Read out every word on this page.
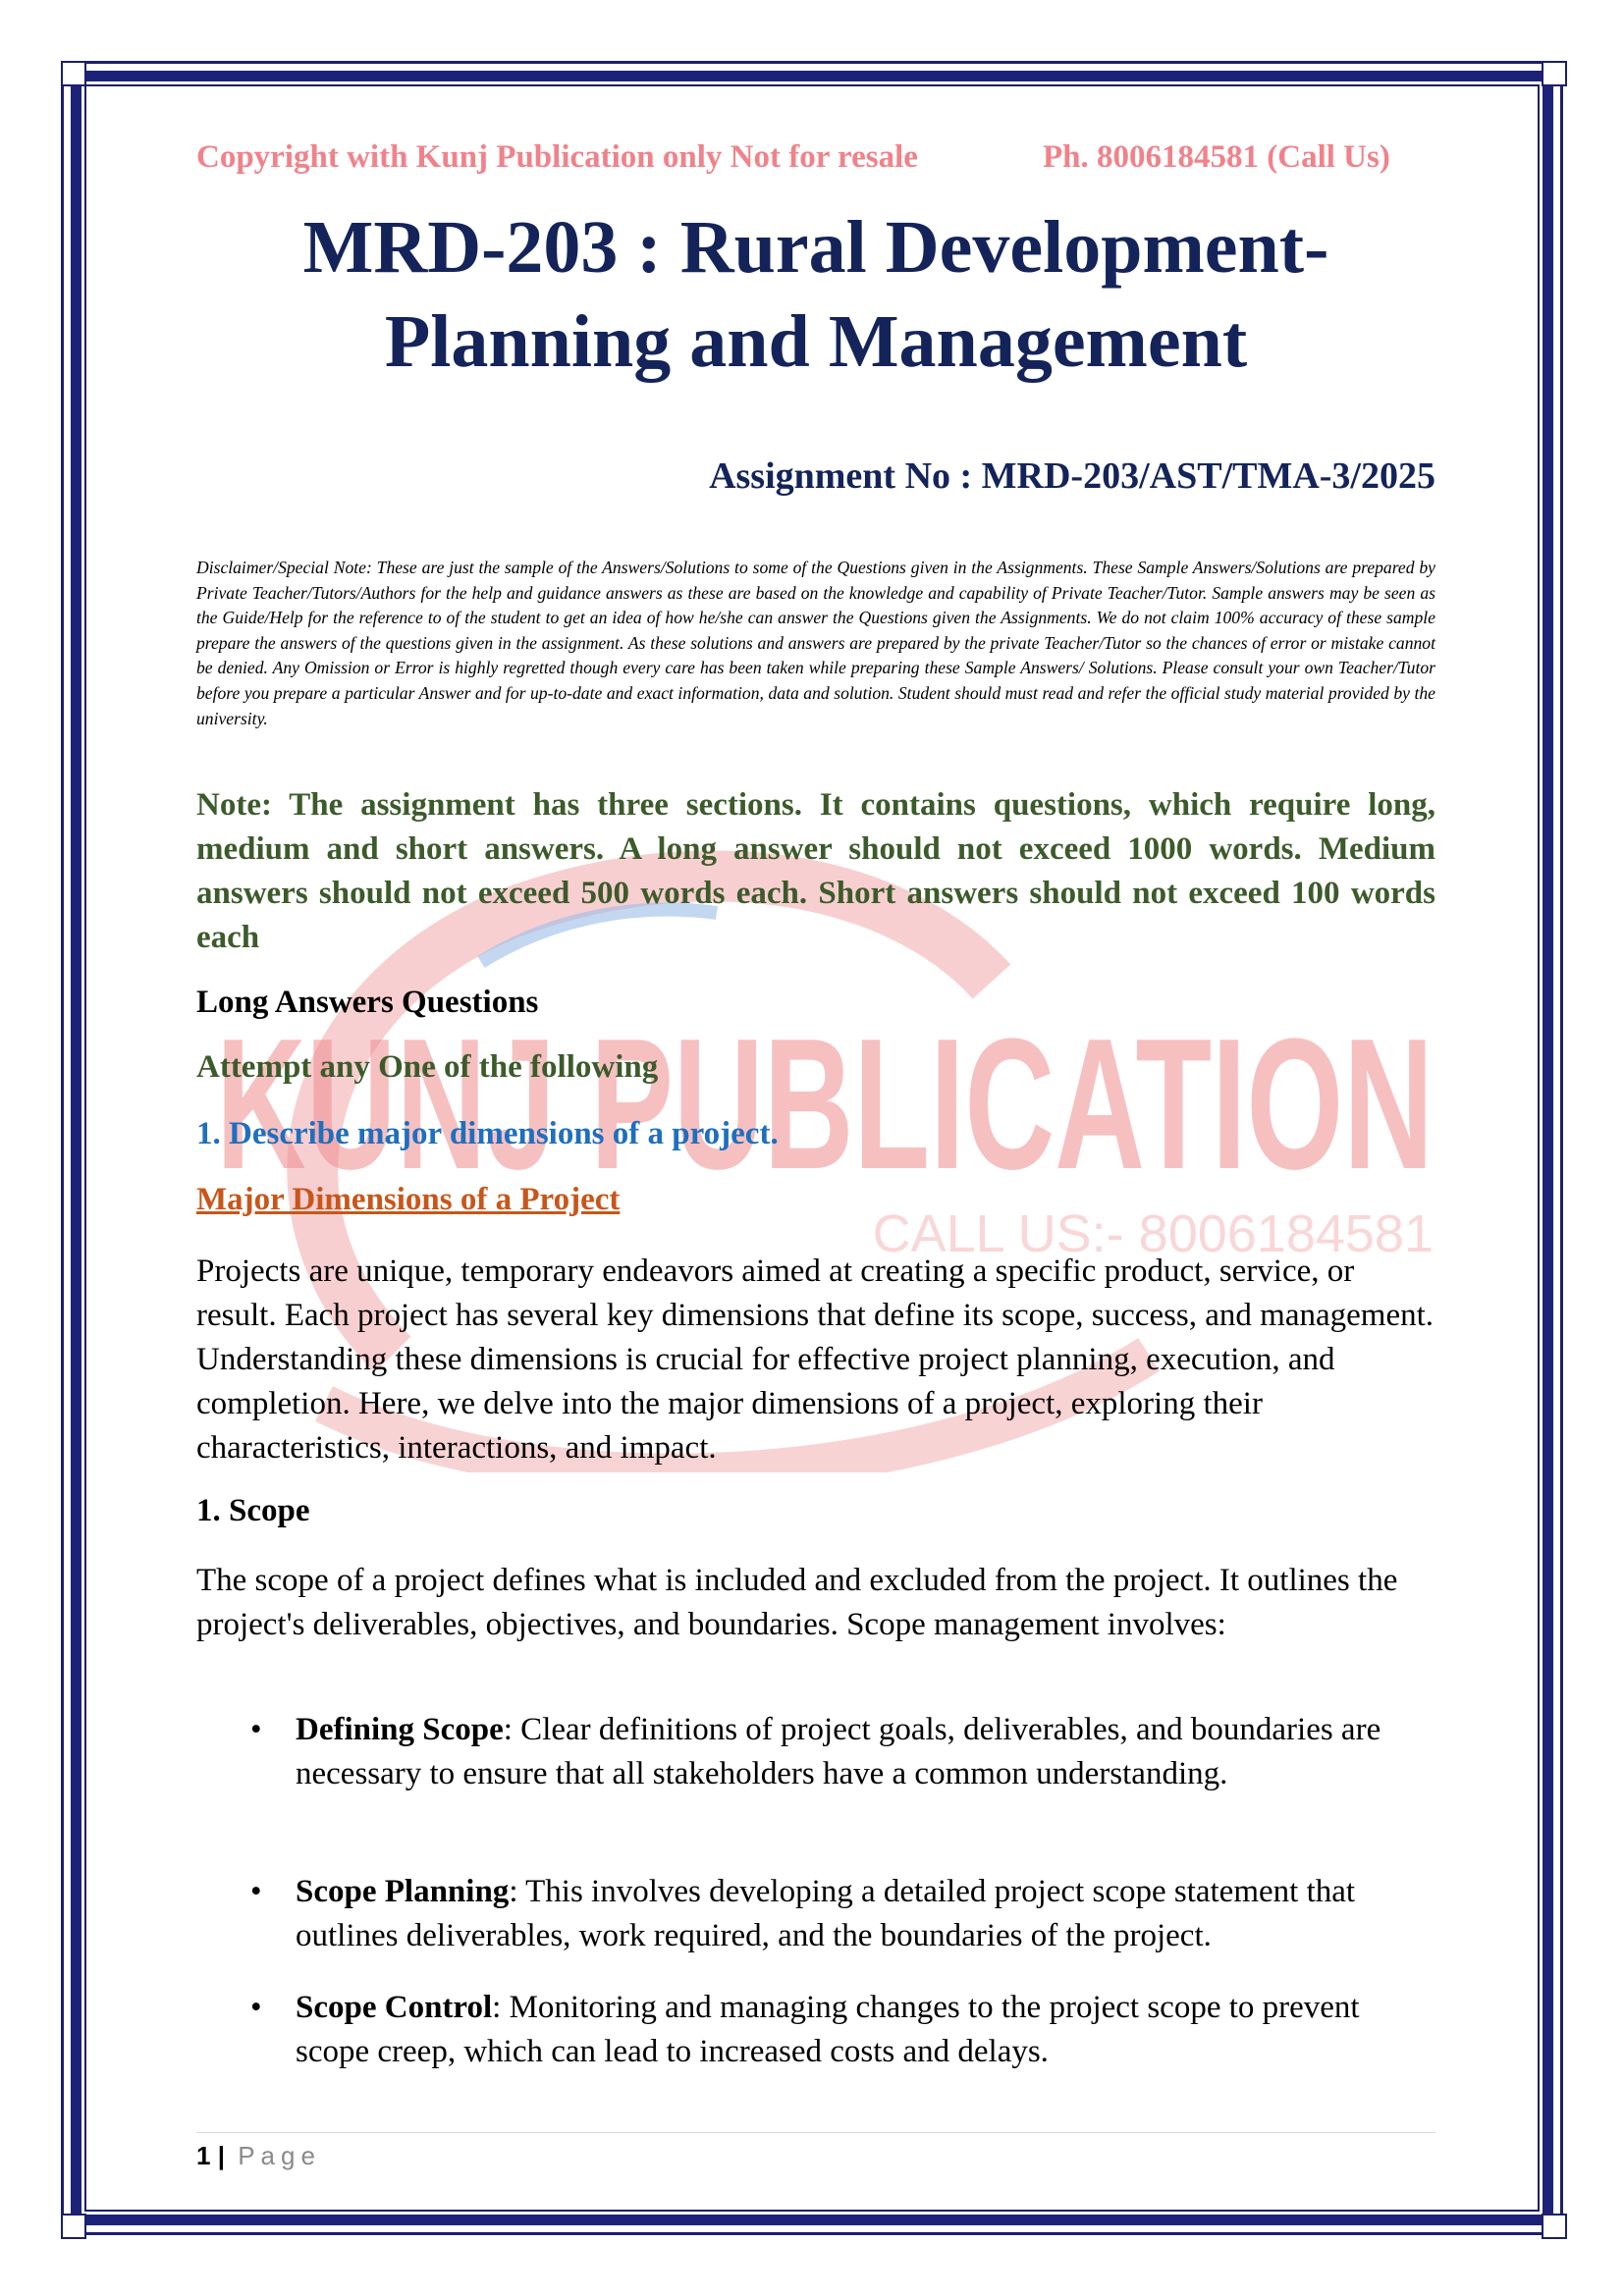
KUNJ PUBLICATION
CALL US:- 8006184581
Copyright with Kunj Publication only Not for resale	Ph. 8006184581 (Call Us)
MRD-203 : Rural Development-
Planning and Management
Assignment No : MRD-203/AST/TMA-3/2025
Disclaimer/Special Note: These are just the sample of the Answers/Solutions to some of the Questions given in the Assignments. These Sample Answers/Solutions are prepared by Private Teacher/Tutors/Authors for the help and guidance answers as these are based on the knowledge and capability of Private Teacher/Tutor. Sample answers may be seen as the Guide/Help for the reference to of the student to get an idea of how he/she can answer the Questions given the Assignments. We do not claim 100% accuracy of these sample prepare the answers of the questions given in the assignment. As these solutions and answers are prepared by the private Teacher/Tutor so the chances of error or mistake cannot be denied. Any Omission or Error is highly regretted though every care has been taken while preparing these Sample Answers/ Solutions. Please consult your own Teacher/Tutor before you prepare a particular Answer and for up-to-date and exact information, data and solution. Student should must read and refer the official study material provided by the university.
Note: The assignment has three sections. It contains questions, which require long, medium and short answers. A long answer should not exceed 1000 words. Medium answers should not exceed 500 words each. Short answers should not exceed 100 words each
Long Answers Questions
Attempt any One of the following
1. Describe major dimensions of a project.
Major Dimensions of a Project
Projects are unique, temporary endeavors aimed at creating a specific product, service, or result. Each project has several key dimensions that define its scope, success, and management. Understanding these dimensions is crucial for effective project planning, execution, and completion. Here, we delve into the major dimensions of a project, exploring their characteristics, interactions, and impact.
1. Scope
The scope of a project defines what is included and excluded from the project. It outlines the project's deliverables, objectives, and boundaries. Scope management involves:
• Defining Scope: Clear definitions of project goals, deliverables, and boundaries are necessary to ensure that all stakeholders have a common understanding.
• Scope Planning: This involves developing a detailed project scope statement that outlines deliverables, work required, and the boundaries of the project.
• Scope Control: Monitoring and managing changes to the project scope to prevent scope creep, which can lead to increased costs and delays.
1 | Page
